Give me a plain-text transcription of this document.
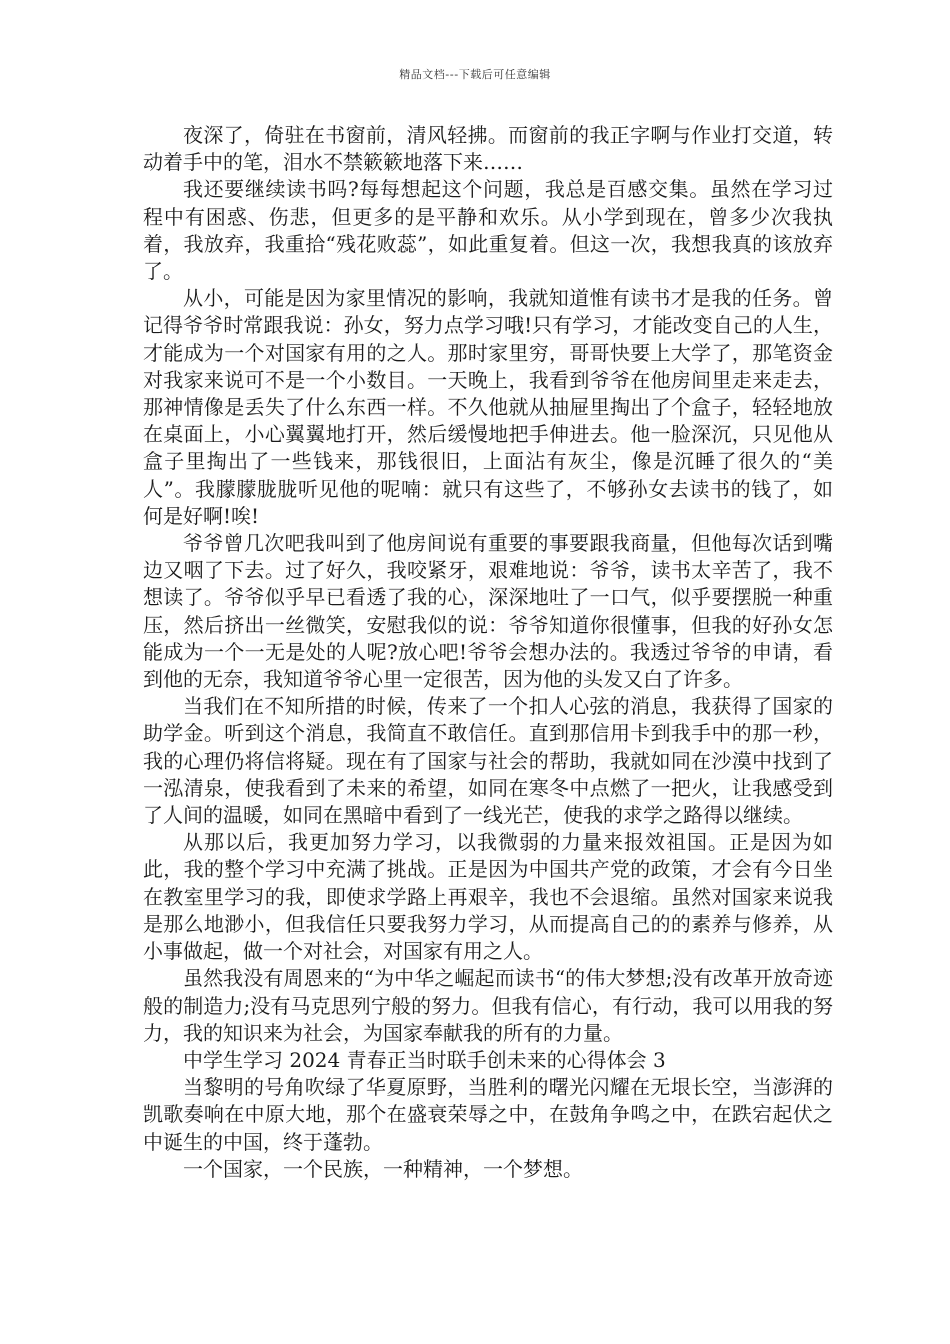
精品文档---下载后可任意编辑

夜深了，倚驻在书窗前，清风轻拂。而窗前的我正字啊与作业打交道，转动着手中的笔，泪水不禁簌簌地落下来……

我还要继续读书吗?每每想起这个问题，我总是百感交集。虽然在学习过程中有困惑、伤悲，但更多的是平静和欢乐。从小学到现在，曾多少次我执着，我放弃，我重拾“残花败蕊”，如此重复着。但这一次，我想我真的该放弃了。

从小，可能是因为家里情况的影响，我就知道惟有读书才是我的任务。曾记得爷爷时常跟我说：孙女，努力点学习哦!只有学习，才能改变自己的人生，才能成为一个对国家有用的之人。那时家里穷，哥哥快要上大学了，那笔资金对我家来说可不是一个小数目。一天晚上，我看到爷爷在他房间里走来走去，那神情像是丢失了什么东西一样。不久他就从抽屉里掏出了个盒子，轻轻地放在桌面上，小心翼翼地打开，然后缓慢地把手伸进去。他一脸深沉，只见他从盒子里掏出了一些钱来，那钱很旧，上面沾有灰尘，像是沉睡了很久的“美人”。我朦朦胧胧听见他的呢喃：就只有这些了，不够孙女去读书的钱了，如何是好啊!唉!

爷爷曾几次吧我叫到了他房间说有重要的事要跟我商量，但他每次话到嘴边又咽了下去。过了好久，我咬紧牙，艰难地说：爷爷，读书太辛苦了，我不想读了。爷爷似乎早已看透了我的心，深深地吐了一口气，似乎要摆脱一种重压，然后挤出一丝微笑，安慰我似的说：爷爷知道你很懂事，但我的好孙女怎能成为一个一无是处的人呢?放心吧!爷爷会想办法的。我透过爷爷的申请，看到他的无奈，我知道爷爷心里一定很苦，因为他的头发又白了许多。

当我们在不知所措的时候，传来了一个扣人心弦的消息，我获得了国家的助学金。听到这个消息，我简直不敢信任。直到那信用卡到我手中的那一秒，我的心理仍将信将疑。现在有了国家与社会的帮助，我就如同在沙漠中找到了一泓清泉，使我看到了未来的希望，如同在寒冬中点燃了一把火，让我感受到了人间的温暖，如同在黑暗中看到了一线光芒，使我的求学之路得以继续。

从那以后，我更加努力学习，以我微弱的力量来报效祖国。正是因为如此，我的整个学习中充满了挑战。正是因为中国共产党的政策，才会有今日坐在教室里学习的我，即使求学路上再艰辛，我也不会退缩。虽然对国家来说我是那么地渺小，但我信任只要我努力学习，从而提高自己的的素养与修养，从小事做起，做一个对社会，对国家有用之人。

虽然我没有周恩来的“为中华之崛起而读书“的伟大梦想;没有改革开放奇迹般的制造力;没有马克思列宁般的努力。但我有信心，有行动，我可以用我的努力，我的知识来为社会，为国家奉献我的所有的力量。

中学生学习 2024 青春正当时联手创未来的心得体会 3

当黎明的号角吹绿了华夏原野，当胜利的曙光闪耀在无垠长空，当澎湃的凯歌奏响在中原大地，那个在盛衰荣辱之中，在鼓角争鸣之中，在跌宕起伏之中诞生的中国，终于蓬勃。

一个国家，一个民族，一种精神，一个梦想。
